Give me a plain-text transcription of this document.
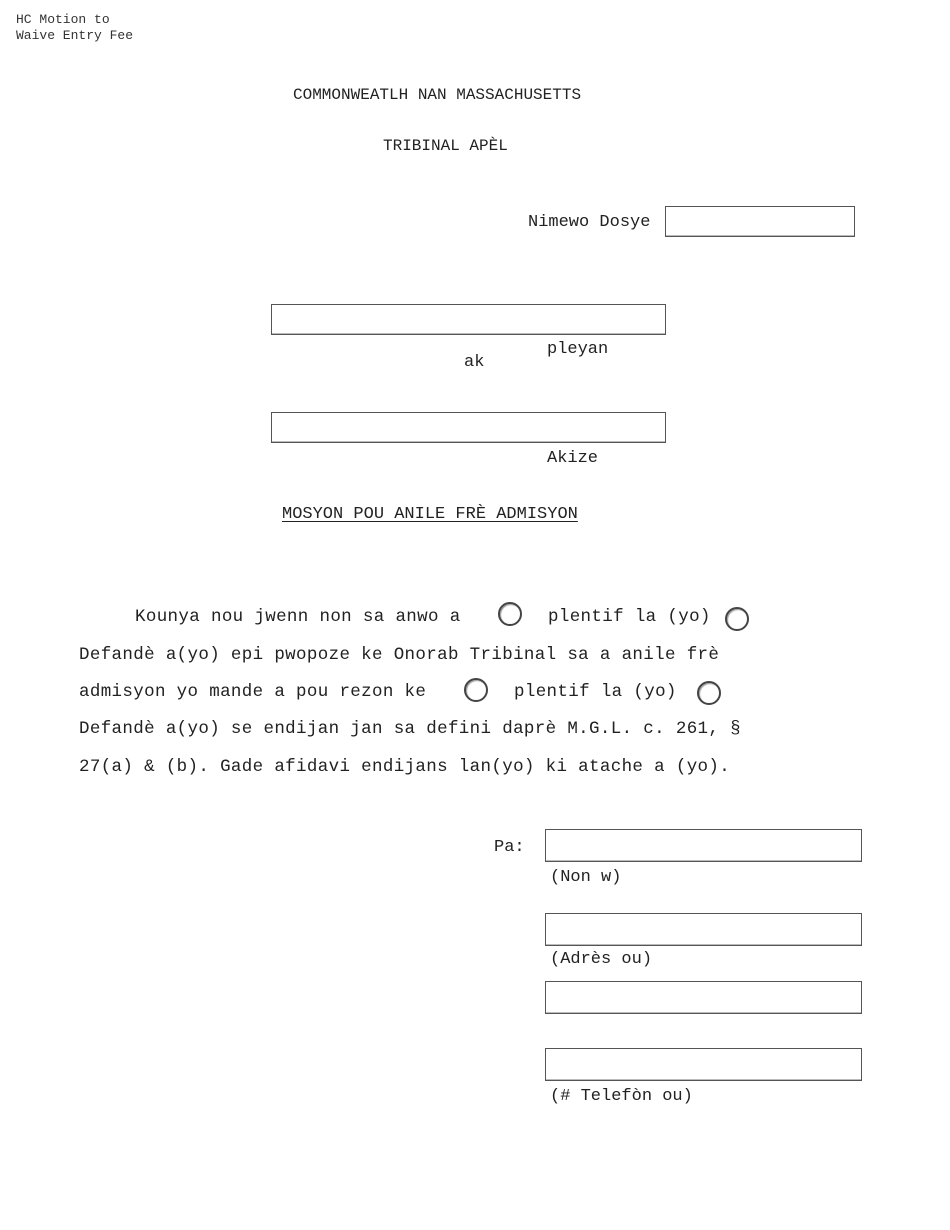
HC Motion to
Waive Entry Fee
COMMONWEATLH NAN MASSACHUSETTS
TRIBINAL APÈL
Nimewo Dosye
pleyan
ak
Akize
MOSYON POU ANILE FRÈ ADMISYON
Kounya nou jwenn non sa anwo a	plentif la (yo)
Defandè a(yo) epi pwopoze ke Onorab Tribinal sa a anile frè
admisyon yo mande a pou rezon ke	plentif la (yo)
Defandè a(yo) se endijan jan sa defini daprè M.G.L. c. 261, §
27(a) & (b). Gade afidavi endijans lan(yo) ki atache a (yo).
Pa:
(Non w)
(Adrès ou)
(# Telefòn ou)
